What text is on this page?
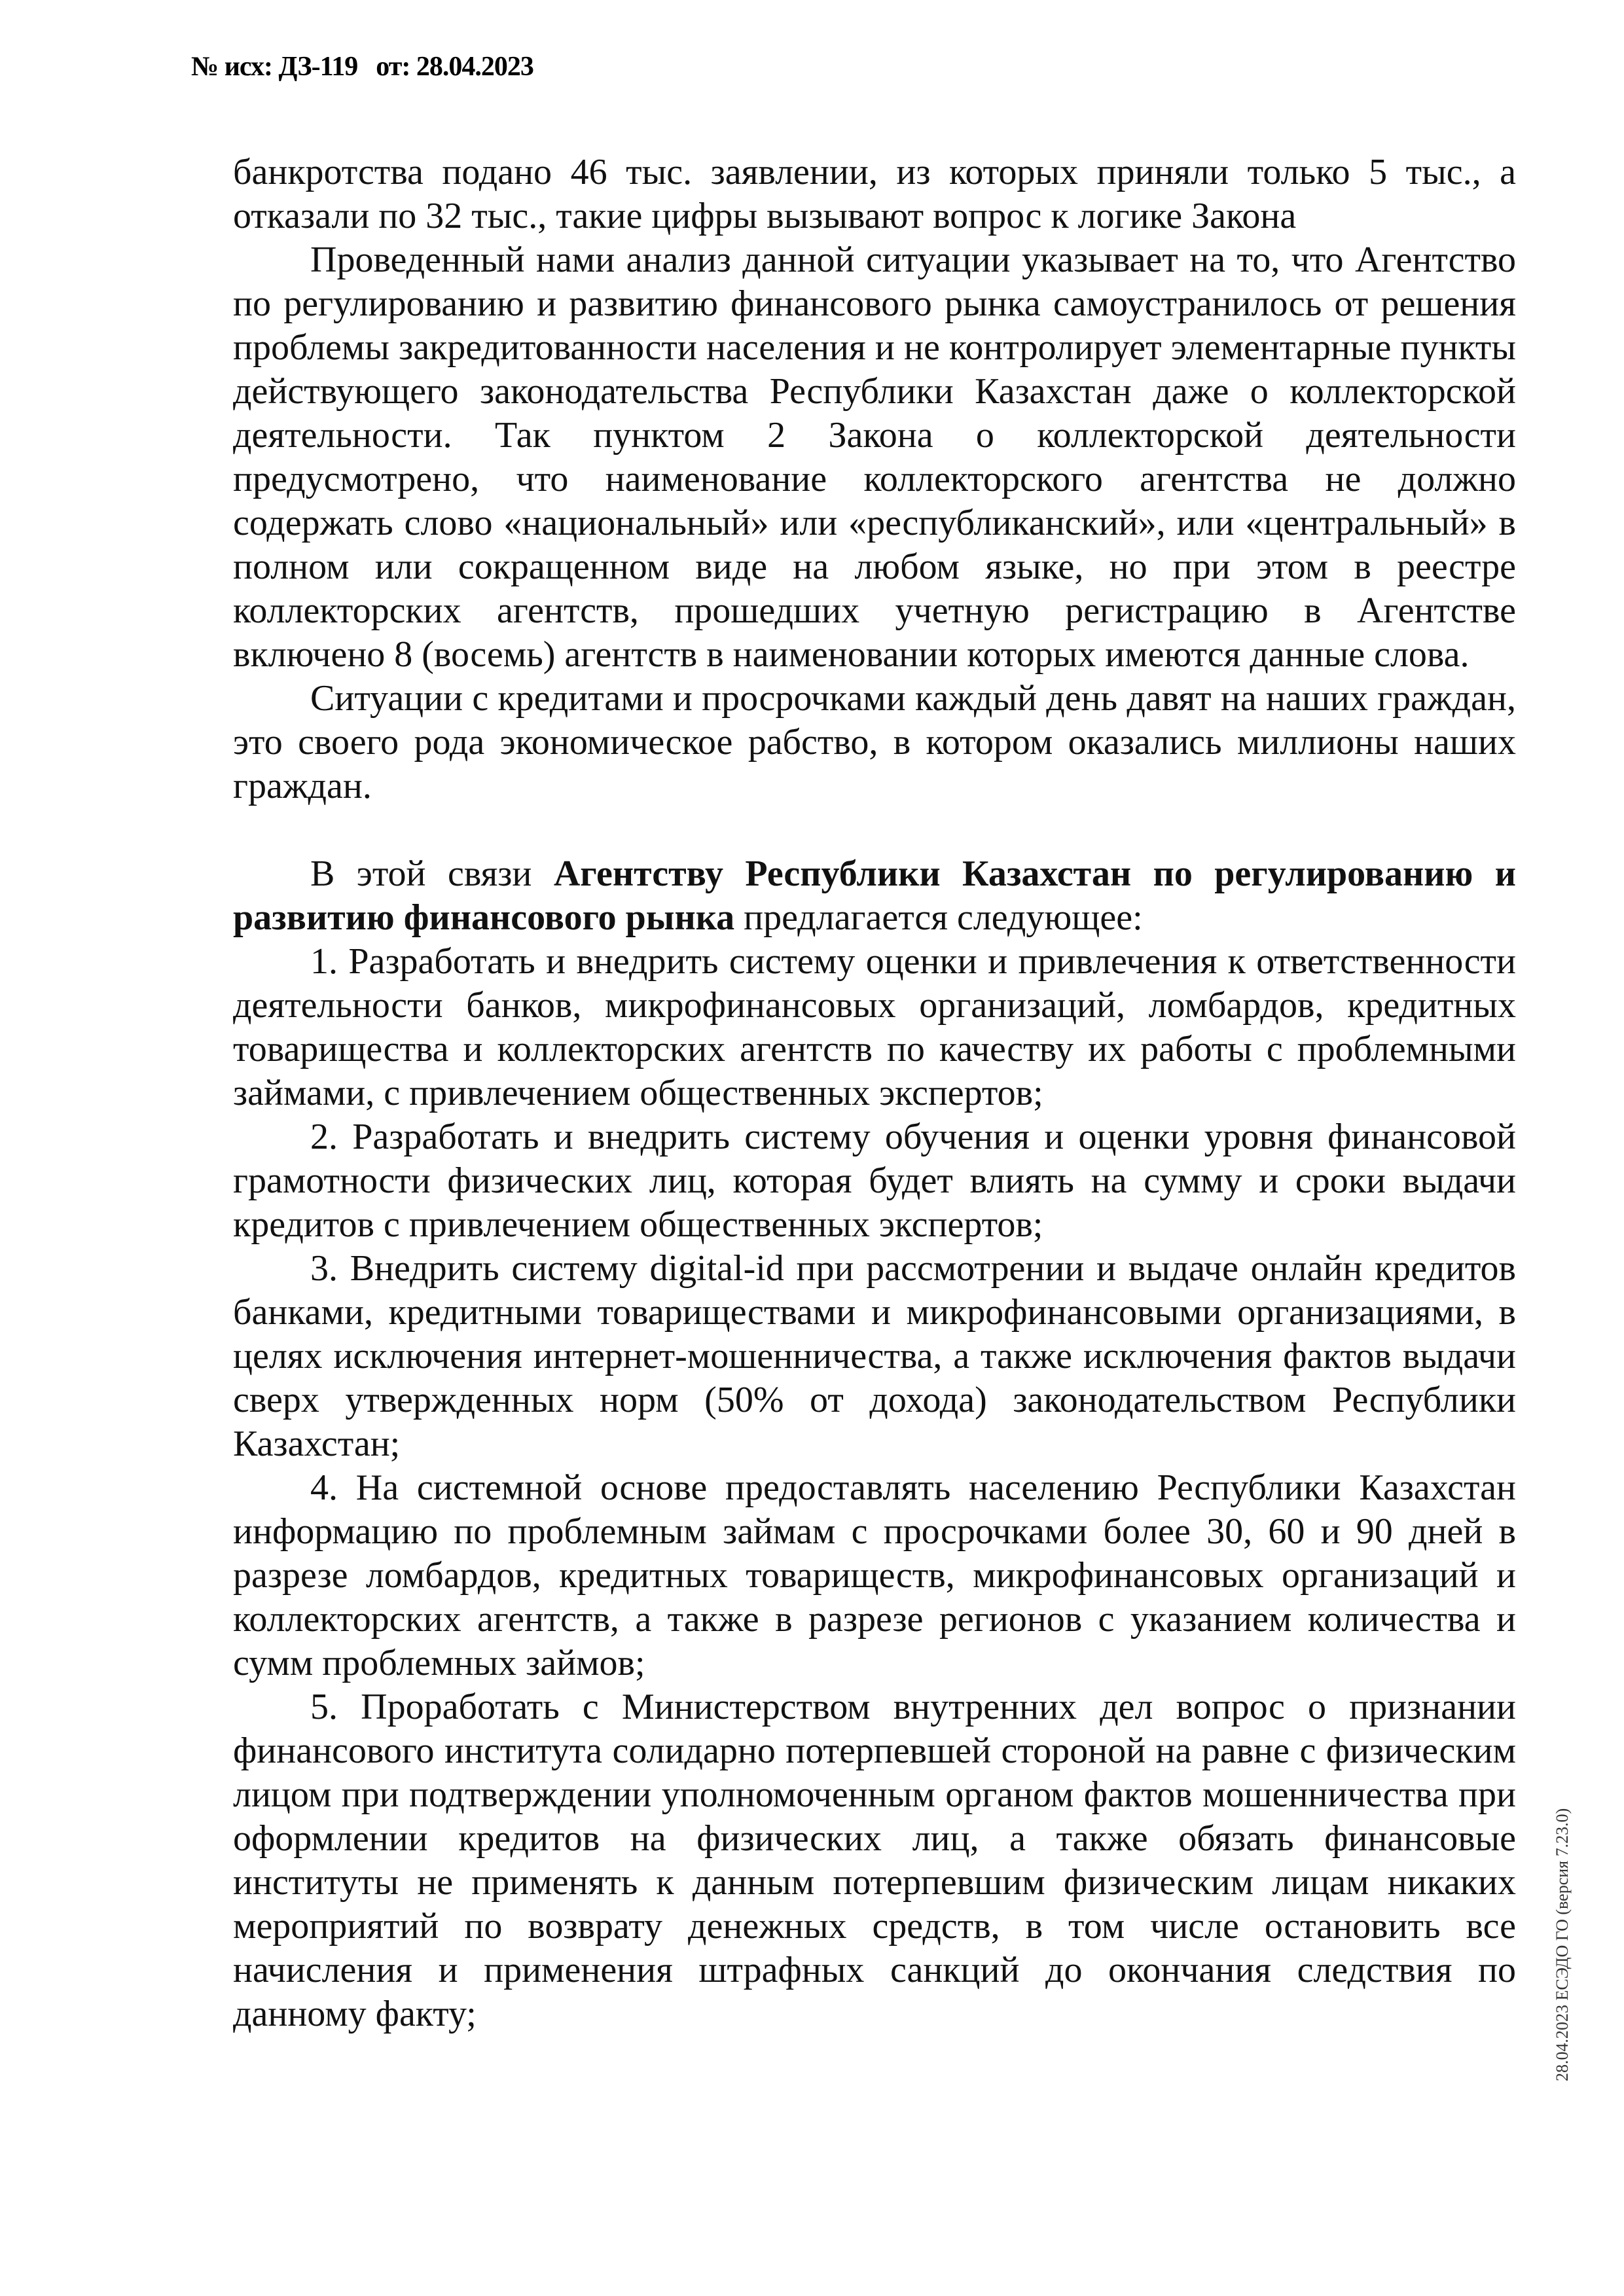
№ исх: ДЗ-119 от: 28.04.2023

банкротства подано 46 тыс. заявлении, из которых приняли только 5 тыс., а отказали по 32 тыс., такие цифры вызывают вопрос к логике Закона

Проведенный нами анализ данной ситуации указывает на то, что Агентство по регулированию и развитию финансового рынка самоустранилось от решения проблемы закредитованности населения и не контролирует элементарные пункты действующего законодательства Республики Казахстан даже о коллекторской деятельности. Так пунктом 2 Закона о коллекторской деятельности предусмотрено, что наименование коллекторского агентства не должно содержать слово «национальный» или «республиканский», или «центральный» в полном или сокращенном виде на любом языке, но при этом в реестре коллекторских агентств, прошедших учетную регистрацию в Агентстве включено 8 (восемь) агентств в наименовании которых имеются данные слова.

Ситуации с кредитами и просрочками каждый день давят на наших граждан, это своего рода экономическое рабство, в котором оказались миллионы наших граждан.

В этой связи Агентству Республики Казахстан по регулированию и развитию финансового рынка предлагается следующее:

1. Разработать и внедрить систему оценки и привлечения к ответственности деятельности банков, микрофинансовых организаций, ломбардов, кредитных товарищества и коллекторских агентств по качеству их работы с проблемными займами, с привлечением общественных экспертов;

2. Разработать и внедрить систему обучения и оценки уровня финансовой грамотности физических лиц, которая будет влиять на сумму и сроки выдачи кредитов с привлечением общественных экспертов;

3. Внедрить систему digital-id при рассмотрении и выдаче онлайн кредитов банками, кредитными товариществами и микрофинансовыми организациями, в целях исключения интернет-мошенничества, а также исключения фактов выдачи сверх утвержденных норм (50% от дохода) законодательством Республики Казахстан;

4. На системной основе предоставлять населению Республики Казахстан информацию по проблемным займам с просрочками более 30, 60 и 90 дней в разрезе ломбардов, кредитных товариществ, микрофинансовых организаций и коллекторских агентств, а также в разрезе регионов с указанием количества и сумм проблемных займов;

5. Проработать с Министерством внутренних дел вопрос о признании финансового института солидарно потерпевшей стороной на равне с физическим лицом при подтверждении уполномоченным органом фактов мошенничества при оформлении кредитов на физических лиц, а также обязать финансовые институты не применять к данным потерпевшим физическим лицам никаких мероприятий по возврату денежных средств, в том числе остановить все начисления и применения штрафных санкций до окончания следствия по данному факту;	28.04.2023 ЕСЭДО ГО (версия 7.23.0)
